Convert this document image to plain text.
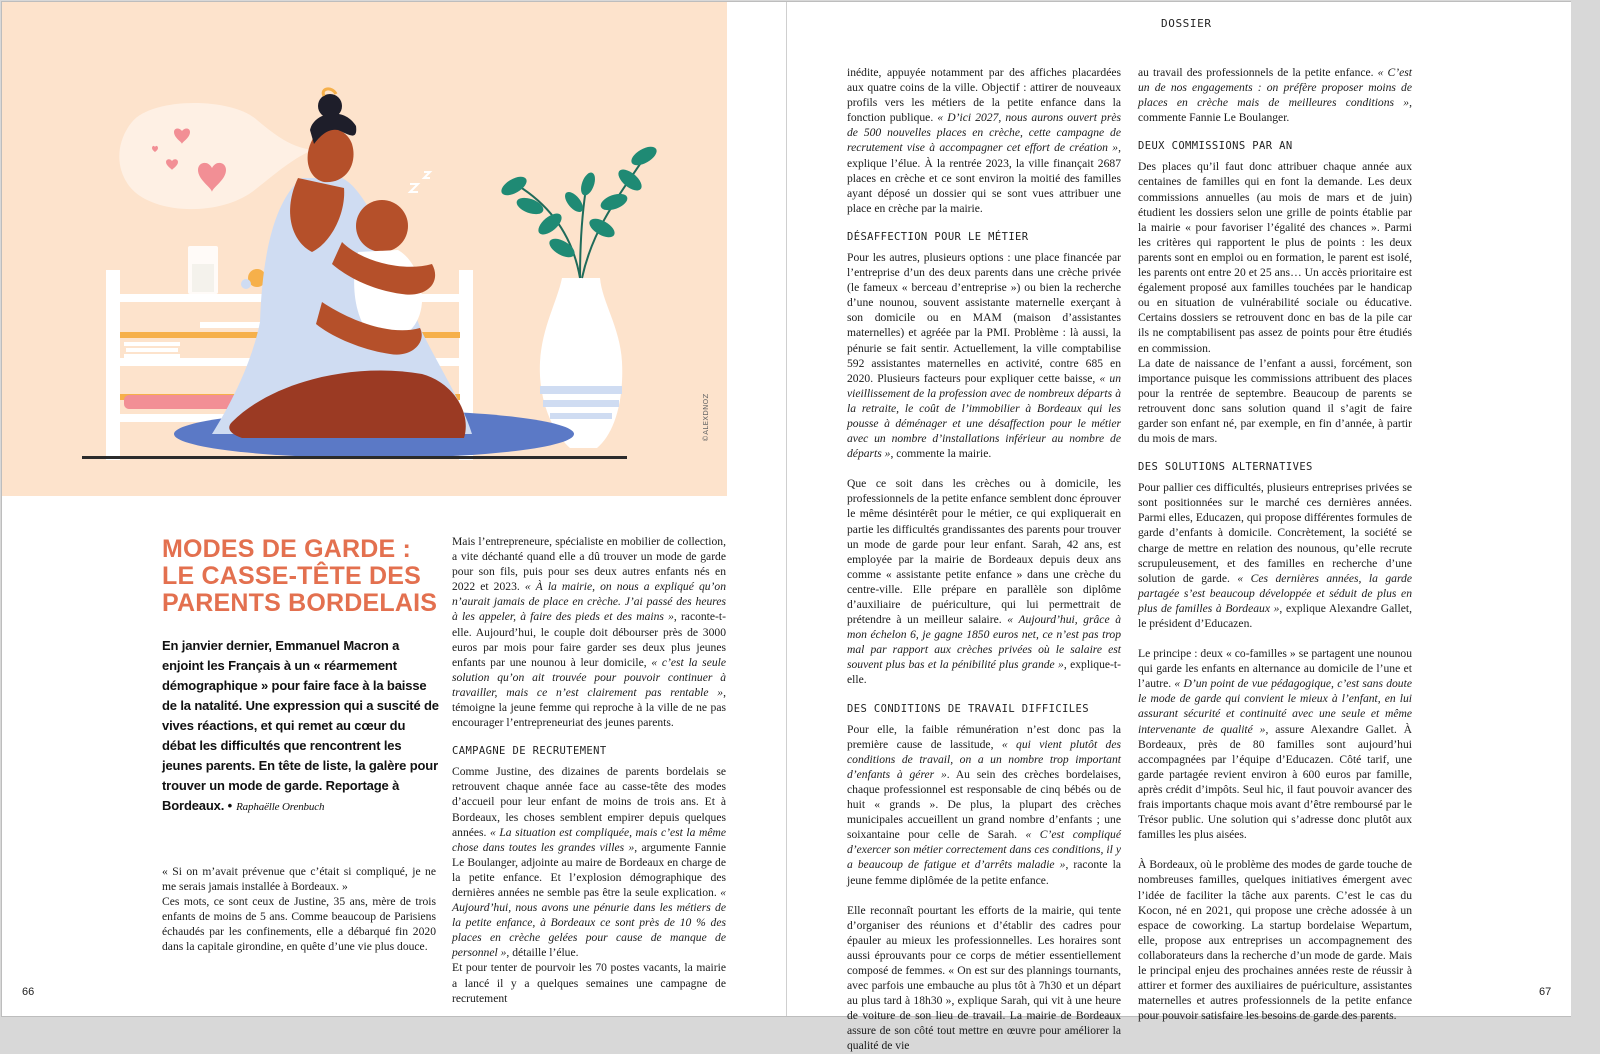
©ALEXDNOZ
MODES DE GARDE :
LE CASSE-TÊTE DES
PARENTS BORDELAIS

En janvier dernier, Emmanuel Macron a enjoint les Français à un « réarmement démographique » pour faire face à la baisse de la natalité. Une expression qui a suscité de vives réactions, et qui remet au cœur du débat les difficultés que rencontrent les jeunes parents. En tête de liste, la galère pour trouver un mode de garde. Reportage à Bordeaux. • Raphaëlle Orenbuch

« Si on m’avait prévenue que c’était si compliqué, je ne me serais jamais installée à Bordeaux. »

Ces mots, ce sont ceux de Justine, 35 ans, mère de trois enfants de moins de 5 ans. Comme beaucoup de Parisiens échaudés par les confinements, elle a débarqué fin 2020 dans la capitale girondine, en quête d’une vie plus douce.

Mais l’entrepreneure, spécialiste en mobilier de collection, a vite déchanté quand elle a dû trouver un mode de garde pour son fils, puis pour ses deux autres enfants nés en 2022 et 2023. « À la mairie, on nous a expliqué qu’on n’aurait jamais de place en crèche. J’ai passé des heures à les appeler, à faire des pieds et des mains », raconte-t-elle. Aujourd’hui, le couple doit débourser près de 3000 euros par mois pour faire garder ses deux plus jeunes enfants par une nounou à leur domicile, « c’est la seule solution qu’on ait trouvée pour pouvoir continuer à travailler, mais ce n’est clairement pas rentable », témoigne la jeune femme qui reproche à la ville de ne pas encourager l’entrepreneuriat des jeunes parents.

CAMPAGNE DE RECRUTEMENT

Comme Justine, des dizaines de parents bordelais se retrouvent chaque année face au casse-tête des modes d’accueil pour leur enfant de moins de trois ans. Et à Bordeaux, les choses semblent empirer depuis quelques années. « La situation est compliquée, mais c’est la même chose dans toutes les grandes villes », argumente Fannie Le Boulanger, adjointe au maire de Bordeaux en charge de la petite enfance. Et l’explosion démographique des dernières années ne semble pas être la seule explication. « Aujourd’hui, nous avons une pénurie dans les métiers de la petite enfance, à Bordeaux ce sont près de 10 % des places en crèche gelées pour cause de manque de personnel », détaille l’élue.

Et pour tenter de pourvoir les 70 postes vacants, la mairie a lancé il y a quelques semaines une campagne de recrutement

66
DOSSIER

inédite, appuyée notamment par des affiches placardées aux quatre coins de la ville. Objectif : attirer de nouveaux profils vers les métiers de la petite enfance dans la fonction publique. « D’ici 2027, nous aurons ouvert près de 500 nouvelles places en crèche, cette campagne de recrutement vise à accompagner cet effort de création », explique l’élue. À la rentrée 2023, la ville finançait 2687 places en crèche et ce sont environ la moitié des familles ayant déposé un dossier qui se sont vues attribuer une place en crèche par la mairie.

DÉSAFFECTION POUR LE MÉTIER

Pour les autres, plusieurs options : une place financée par l’entreprise d’un des deux parents dans une crèche privée (le fameux « berceau d’entreprise ») ou bien la recherche d’une nounou, souvent assistante maternelle exerçant à son domicile ou en MAM (maison d’assistantes maternelles) et agréée par la PMI. Problème : là aussi, la pénurie se fait sentir. Actuellement, la ville comptabilise 592 assistantes maternelles en activité, contre 685 en 2020. Plusieurs facteurs pour expliquer cette baisse, « un vieillissement de la profession avec de nombreux départs à la retraite, le coût de l’immobilier à Bordeaux qui les pousse à déménager et une désaffection pour le métier avec un nombre d’installations inférieur au nombre de départs », commente la mairie.

Que ce soit dans les crèches ou à domicile, les professionnels de la petite enfance semblent donc éprouver le même désintérêt pour le métier, ce qui expliquerait en partie les difficultés grandissantes des parents pour trouver un mode de garde pour leur enfant. Sarah, 42 ans, est employée par la mairie de Bordeaux depuis deux ans comme « assistante petite enfance » dans une crèche du centre-ville. Elle prépare en parallèle son diplôme d’auxiliaire de puériculture, qui lui permettrait de prétendre à un meilleur salaire. « Aujourd’hui, grâce à mon échelon 6, je gagne 1850 euros net, ce n’est pas trop mal par rapport aux crèches privées où le salaire est souvent plus bas et la pénibilité plus grande », explique-t-elle.

DES CONDITIONS DE TRAVAIL DIFFICILES

Pour elle, la faible rémunération n’est donc pas la première cause de lassitude, « qui vient plutôt des conditions de travail, on a un nombre trop important d’enfants à gérer ». Au sein des crèches bordelaises, chaque professionnel est responsable de cinq bébés ou de huit « grands ». De plus, la plupart des crèches municipales accueillent un grand nombre d’enfants ; une soixantaine pour celle de Sarah. « C’est compliqué d’exercer son métier correctement dans ces conditions, il y a beaucoup de fatigue et d’arrêts maladie », raconte la jeune femme diplômée de la petite enfance.

Elle reconnaît pourtant les efforts de la mairie, qui tente d’organiser des réunions et d’établir des cadres pour épauler au mieux les professionnelles. Les horaires sont aussi éprouvants pour ce corps de métier essentiellement composé de femmes. « On est sur des plannings tournants, avec parfois une embauche au plus tôt à 7h30 et un départ au plus tard à 18h30 », explique Sarah, qui vit à une heure de voiture de son lieu de travail. La mairie de Bordeaux assure de son côté tout mettre en œuvre pour améliorer la qualité de vie

au travail des professionnels de la petite enfance. « C’est un de nos engagements : on préfère proposer moins de places en crèche mais de meilleures conditions », commente Fannie Le Boulanger.

DEUX COMMISSIONS PAR AN

Des places qu’il faut donc attribuer chaque année aux centaines de familles qui en font la demande. Les deux commissions annuelles (au mois de mars et de juin) étudient les dossiers selon une grille de points établie par la mairie « pour favoriser l’égalité des chances ». Parmi les critères qui rapportent le plus de points : les deux parents sont en emploi ou en formation, le parent est isolé, les parents ont entre 20 et 25 ans… Un accès prioritaire est également proposé aux familles touchées par le handicap ou en situation de vulnérabilité sociale ou éducative. Certains dossiers se retrouvent donc en bas de la pile car ils ne comptabilisent pas assez de points pour être étudiés en commission.

La date de naissance de l’enfant a aussi, forcément, son importance puisque les commissions attribuent des places pour la rentrée de septembre. Beaucoup de parents se retrouvent donc sans solution quand il s’agit de faire garder son enfant né, par exemple, en fin d’année, à partir du mois de mars.

DES SOLUTIONS ALTERNATIVES

Pour pallier ces difficultés, plusieurs entreprises privées se sont positionnées sur le marché ces dernières années. Parmi elles, Educazen, qui propose différentes formules de garde d’enfants à domicile. Concrètement, la société se charge de mettre en relation des nounous, qu’elle recrute scrupuleusement, et des familles en recherche d’une solution de garde. « Ces dernières années, la garde partagée s’est beaucoup développée et séduit de plus en plus de familles à Bordeaux », explique Alexandre Gallet, le président d’Educazen.

Le principe : deux « co-familles » se partagent une nounou qui garde les enfants en alternance au domicile de l’une et l’autre. « D’un point de vue pédagogique, c’est sans doute le mode de garde qui convient le mieux à l’enfant, en lui assurant sécurité et continuité avec une seule et même intervenante de qualité », assure Alexandre Gallet. À Bordeaux, près de 80 familles sont aujourd’hui accompagnées par l’équipe d’Educazen. Côté tarif, une garde partagée revient environ à 600 euros par famille, après crédit d’impôts. Seul hic, il faut pouvoir avancer des frais importants chaque mois avant d’être remboursé par le Trésor public. Une solution qui s’adresse donc plutôt aux familles les plus aisées.

À Bordeaux, où le problème des modes de garde touche de nombreuses familles, quelques initiatives émergent avec l’idée de faciliter la tâche aux parents. C’est le cas du Kocon, né en 2021, qui propose une crèche adossée à un espace de coworking. La startup bordelaise Wepartum, elle, propose aux entreprises un accompagnement des collaborateurs dans la recherche d’un mode de garde. Mais le principal enjeu des prochaines années reste de réussir à attirer et former des auxiliaires de puériculture, assistantes maternelles et autres professionnels de la petite enfance pour pouvoir satisfaire les besoins de garde des parents.

67
